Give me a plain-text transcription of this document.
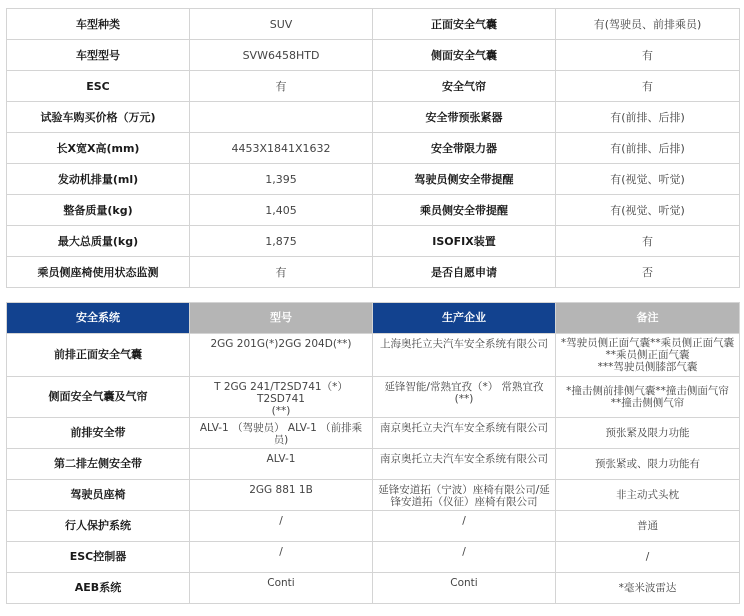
车型种类	SUV	正面安全气囊	有(驾驶员、前排乘员)
车型型号	SVW6458HTD	侧面安全气囊	有
ESC	有	安全气帘	有
试验车购买价格（万元)		安全带预张紧器	有(前排、后排)
长X宽X高(mm)	4453X1841X1632	安全带限力器	有(前排、后排)
发动机排量(ml)	1,395	驾驶员侧安全带提醒	有(视觉、听觉)
整备质量(kg)	1,405	乘员侧安全带提醒	有(视觉、听觉)
最大总质量(kg)	1,875	ISOFIX装置	有
乘员侧座椅使用状态监测	有	是否自愿申请	否
安全系统	型号	生产企业	备注
前排正面安全气囊	2GG 201G(*)2GG 204D(**)	上海奥托立夫汽车安全系统有限公司	*驾驶员侧正面气囊**乘员侧正面气囊
**乘员侧正面气囊
***驾驶员侧膝部气囊
侧面安全气囊及气帘	T 2GG 241/T2SD741（*）T2SD741
(**)	延锋智能/常熟宜孜（*） 常熟宜孜
(**)	*撞击侧前排侧气囊**撞击侧面气帘
**撞击侧侧气帘
前排安全带	ALV-1 （驾驶员） ALV-1 （前排乘
员)	南京奥托立夫汽车安全系统有限公司	预张紧及限力功能
第二排左侧安全带	ALV-1	南京奥托立夫汽车安全系统有限公司	预张紧或、限力功能有
驾驶员座椅	2GG 881 1B	延锋安道拓（宁波）座椅有限公司/延
锋安道拓（仪征）座椅有限公司	非主动式头枕
行人保护系统	/	/	普通
ESC控制器	/	/	/
AEB系统	Conti	Conti	*毫米波雷达
